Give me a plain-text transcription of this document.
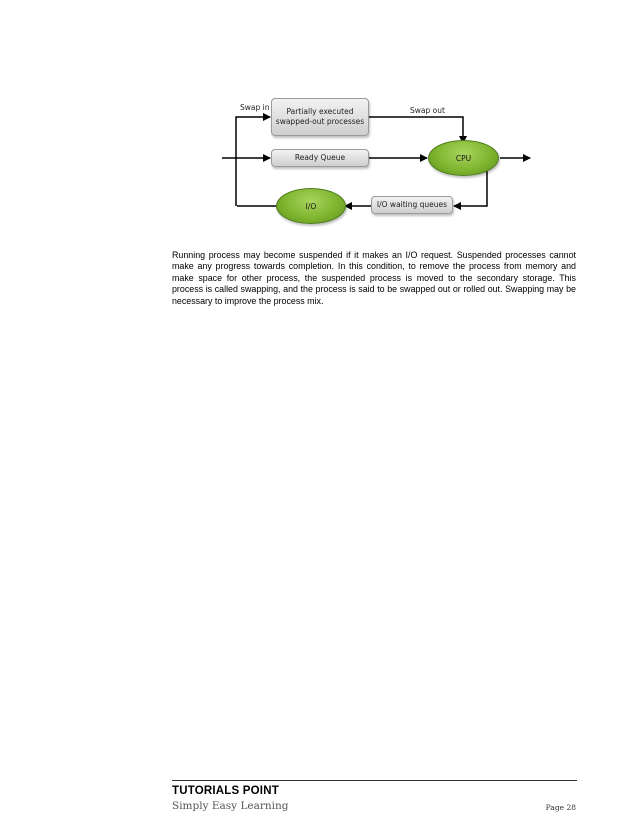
Swap in	Swap out
Partially executed
swapped-out processes
Ready Queue	CPU
I/O	I/O waiting queues

Running process may become suspended if it makes an I/O request. Suspended processes cannot make any progress towards completion. In this condition, to remove the process from memory and make space for other process, the suspended process is moved to the secondary storage. This process is called swapping, and the process is said to be swapped out or rolled out. Swapping may be necessary to improve the process mix.

TUTORIALS POINT
Simply Easy Learning	Page 28
